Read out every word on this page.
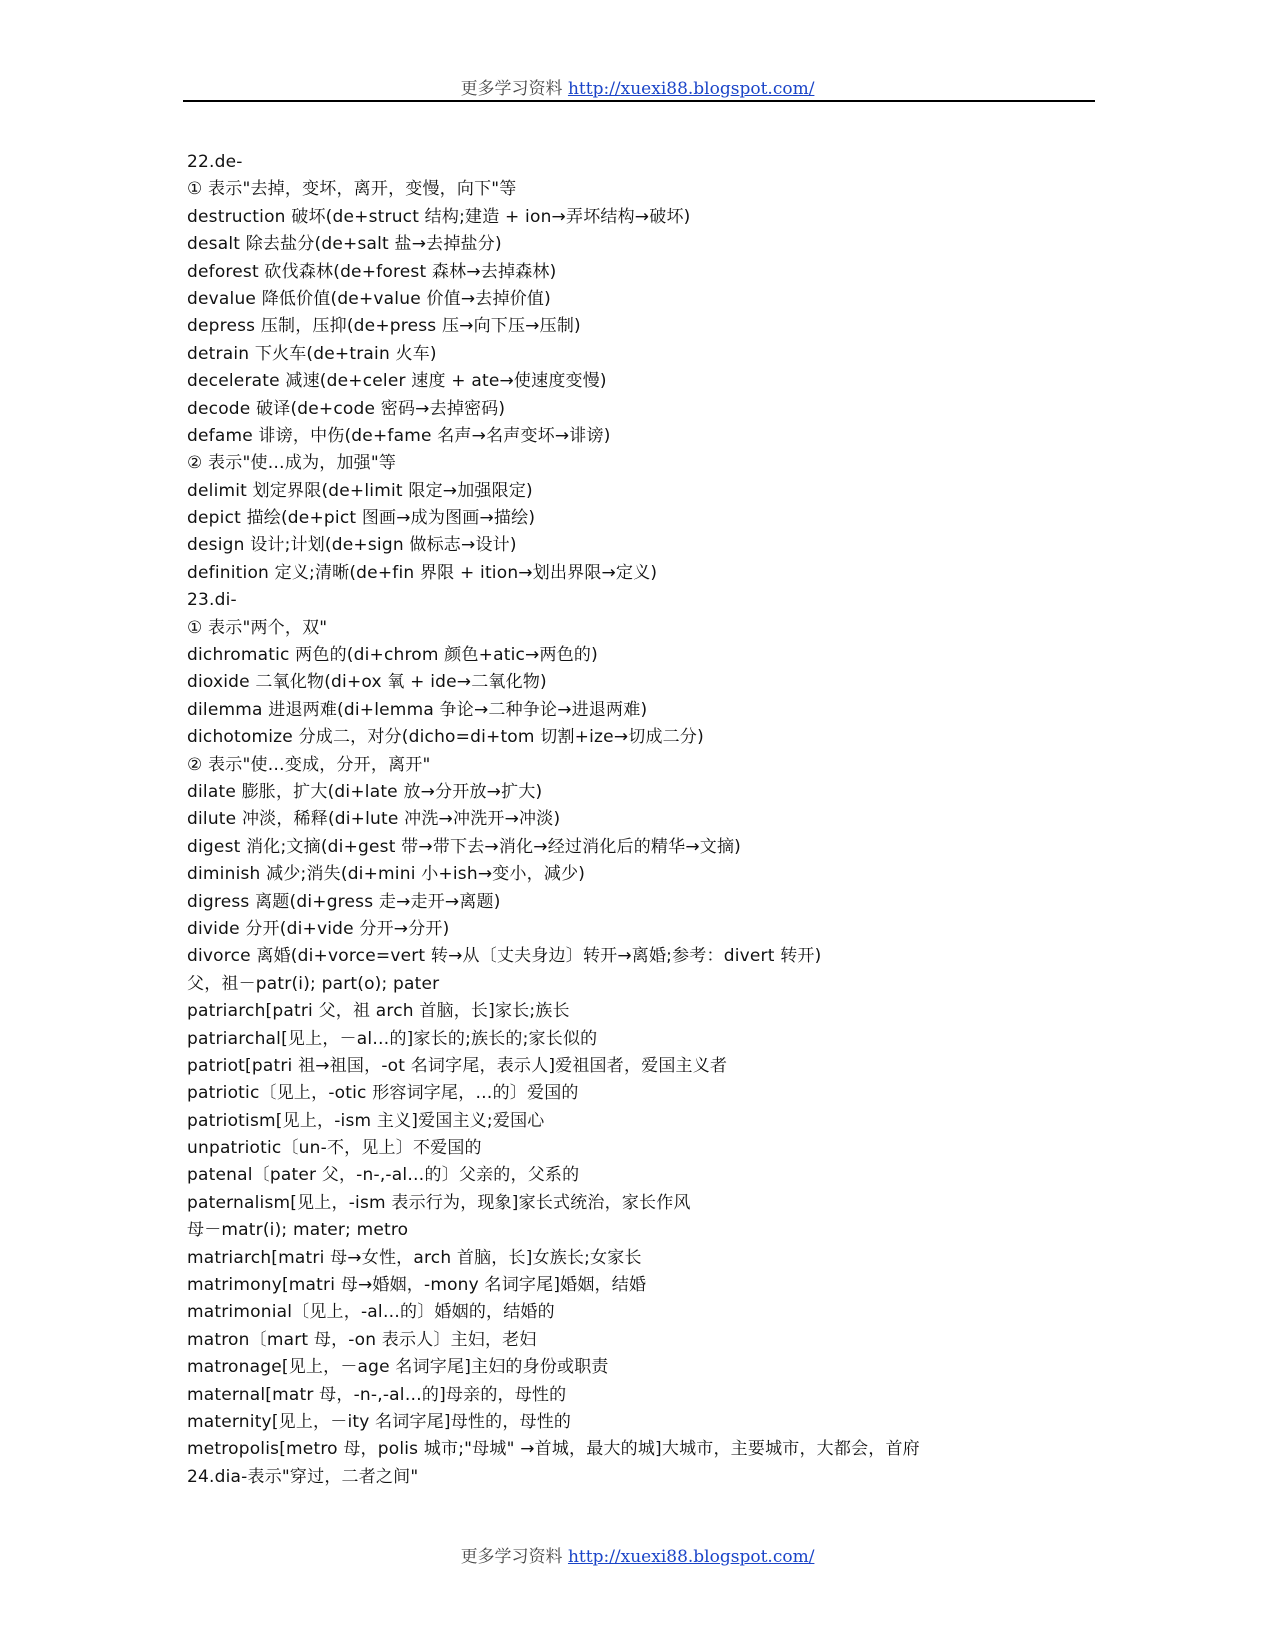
更多学习资料 http://xuexi88.blogspot.com/
22.de-
① 表示"去掉，变坏，离开，变慢，向下"等
destruction 破坏(de+struct 结构;建造 + ion→弄坏结构→破坏)
desalt 除去盐分(de+salt 盐→去掉盐分)
deforest 砍伐森林(de+forest 森林→去掉森林)
devalue 降低价值(de+value 价值→去掉价值)
depress 压制，压抑(de+press 压→向下压→压制)
detrain 下火车(de+train 火车)
decelerate 减速(de+celer 速度 + ate→使速度变慢)
decode 破译(de+code 密码→去掉密码)
defame 诽谤，中伤(de+fame 名声→名声变坏→诽谤)
② 表示"使…成为，加强"等
delimit 划定界限(de+limit 限定→加强限定)
depict 描绘(de+pict 图画→成为图画→描绘)
design 设计;计划(de+sign 做标志→设计)
definition 定义;清晰(de+fin 界限 + ition→划出界限→定义)
23.di-
① 表示"两个，双"
dichromatic 两色的(di+chrom 颜色+atic→两色的)
dioxide 二氧化物(di+ox 氧 + ide→二氧化物)
dilemma 进退两难(di+lemma 争论→二种争论→进退两难)
dichotomize 分成二，对分(dicho=di+tom 切割+ize→切成二分)
② 表示"使…变成，分开，离开"
dilate 膨胀，扩大(di+late 放→分开放→扩大)
dilute 冲淡，稀释(di+lute 冲洗→冲洗开→冲淡)
digest 消化;文摘(di+gest 带→带下去→消化→经过消化后的精华→文摘)
diminish 减少;消失(di+mini 小+ish→变小，减少)
digress 离题(di+gress 走→走开→离题)
divide 分开(di+vide 分开→分开)
divorce 离婚(di+vorce=vert 转→从〔丈夫身边〕转开→离婚;参考：divert 转开)
父，祖－patr(i); part(o); pater
patriarch[patri 父，祖 arch 首脑，长]家长;族长
patriarchal[见上，－al…的]家长的;族长的;家长似的
patriot[patri 祖→祖国，-ot 名词字尾，表示人]爱祖国者，爱国主义者
patriotic〔见上，-otic 形容词字尾，…的〕爱国的
patriotism[见上，-ism 主义]爱国主义;爱国心
unpatriotic〔un-不，见上〕不爱国的
patenal〔pater 父，-n-,-al…的〕父亲的，父系的
paternalism[见上，-ism 表示行为，现象]家长式统治，家长作风
母－matr(i); mater; metro
matriarch[matri 母→女性，arch 首脑，长]女族长;女家长
matrimony[matri 母→婚姻，-mony 名词字尾]婚姻，结婚
matrimonial〔见上，-al…的〕婚姻的，结婚的
matron〔mart 母，-on 表示人〕主妇，老妇
matronage[见上，－age 名词字尾]主妇的身份或职责
maternal[matr 母，-n-,-al…的]母亲的，母性的
maternity[见上，－ity 名词字尾]母性的，母性的
metropolis[metro 母，polis 城市;"母城" →首城，最大的城]大城市，主要城市，大都会，首府
24.dia-表示"穿过，二者之间"
更多学习资料 http://xuexi88.blogspot.com/
